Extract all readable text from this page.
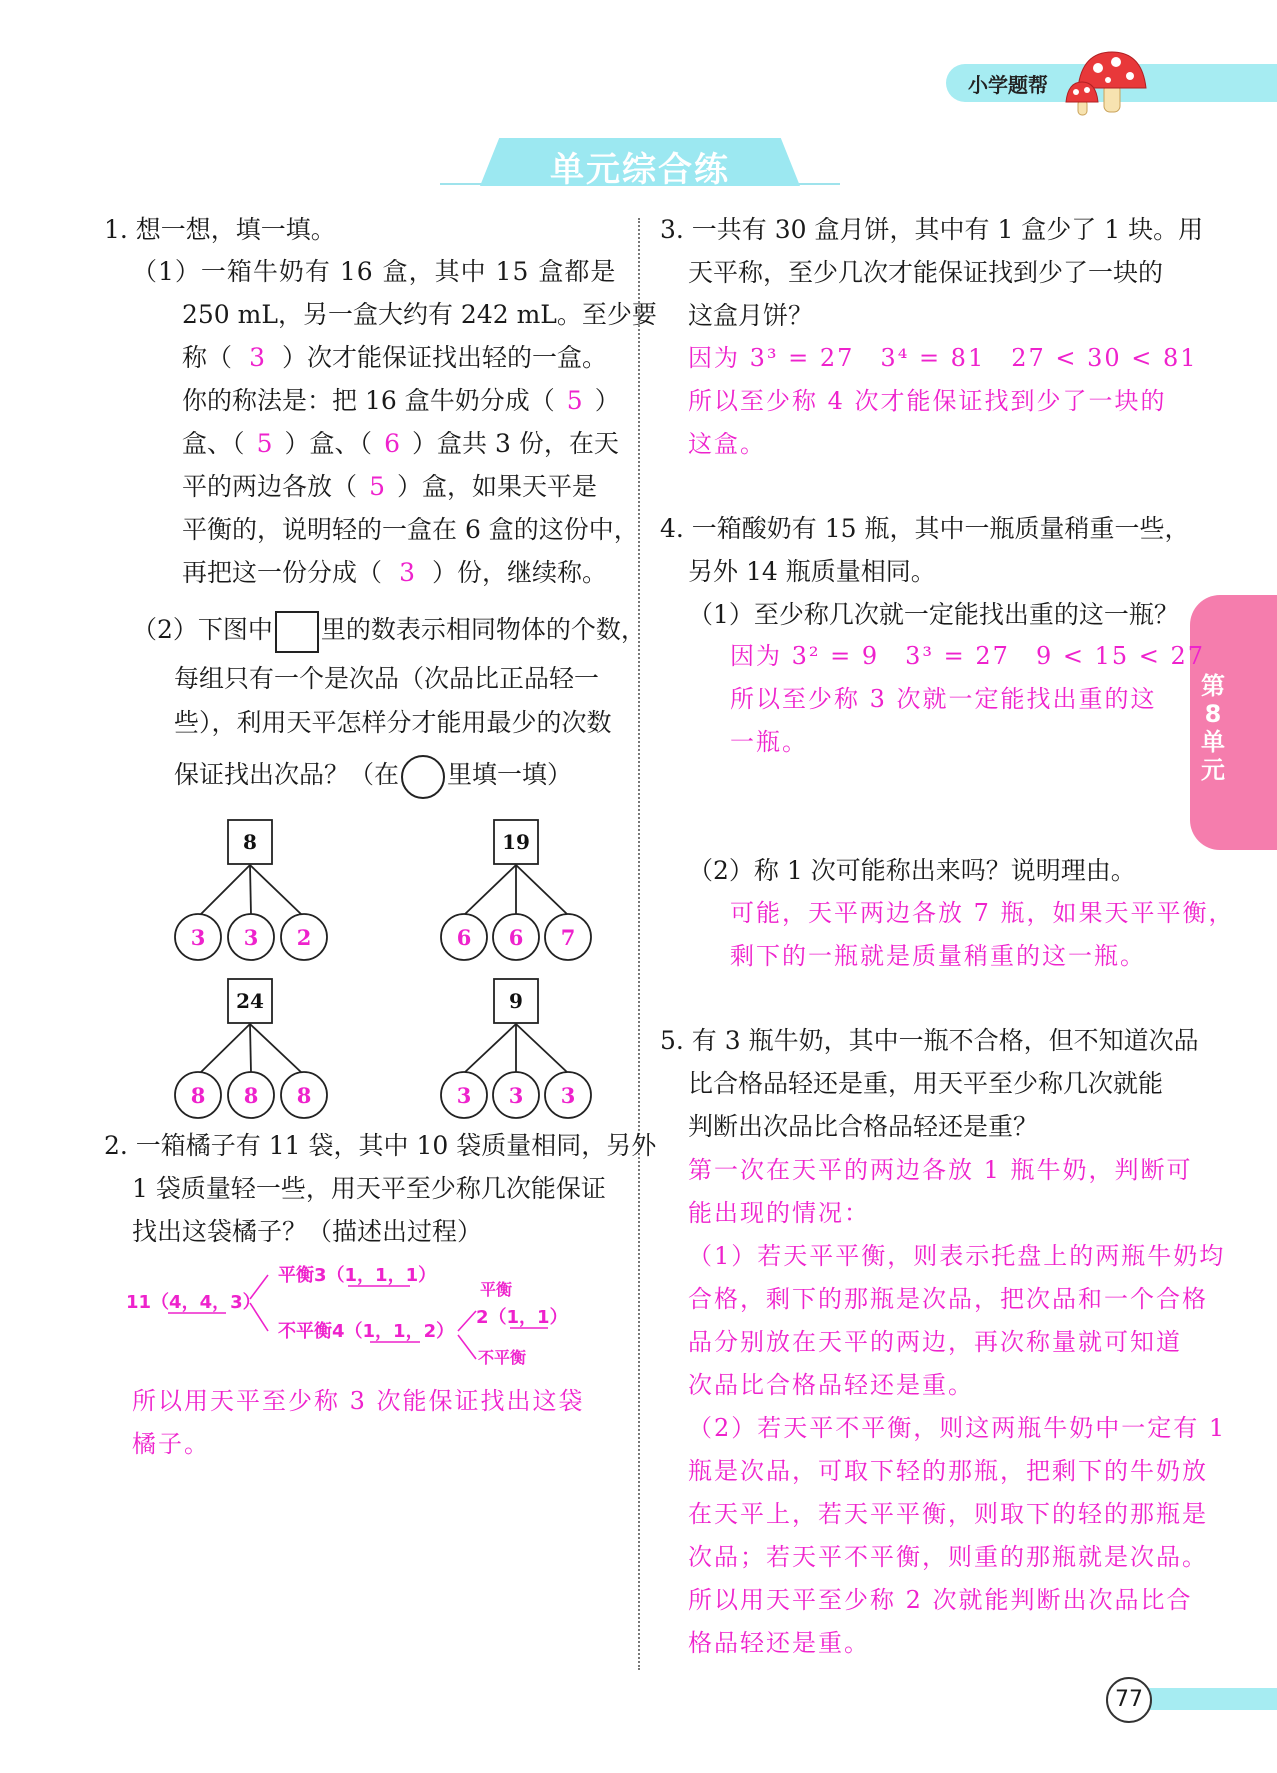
小学题帮
单元综合练
第8单元
1. 想一想，填一填。
（1）一箱牛奶有 16 盒，其中 15 盒都是
250 mL，另一盒大约有 242 mL。至少要
称（ 3 ）次才能保证找出轻的一盒。
你的称法是：把 16 盒牛奶分成（ 5 ）
盒、（ 5 ）盒、（ 6 ）盒共 3 份，在天
平的两边各放（ 5 ）盒，如果天平是
平衡的，说明轻的一盒在 6 盒的这份中，
再把这一份分成（ 3 ）份，继续称。
（2）下图中 里的数表示相同物体的个数，
每组只有一个是次品（次品比正品轻一
些），利用天平怎样分才能用最少的次数
保证找出次品？（在 里填一填）
8	19
24	9
3 3 2	6 6 7
8 8 8	3 3 3
2. 一箱橘子有 11 袋，其中 10 袋质量相同，另外
1 袋质量轻一些，用天平至少称几次能保证
找出这袋橘子？（描述出过程）
11（4，4，3）
平衡3（1，1，1）
不平衡4（1，1，2）
平衡
2（1，1）
不平衡
所以用天平至少称 3 次能保证找出这袋
橘子。
3. 一共有 30 盒月饼，其中有 1 盒少了 1 块。用
天平称，至少几次才能保证找到少了一块的
这盒月饼？
因为 3³ = 27　3⁴ = 81　27 < 30 < 81
所以至少称 4 次才能保证找到少了一块的
这盒。
4. 一箱酸奶有 15 瓶，其中一瓶质量稍重一些，
另外 14 瓶质量相同。
（1）至少称几次就一定能找出重的这一瓶？
因为 3² = 9　3³ = 27　9 < 15 < 27
所以至少称 3 次就一定能找出重的这
一瓶。
（2）称 1 次可能称出来吗？说明理由。
可能，天平两边各放 7 瓶，如果天平平衡，
剩下的一瓶就是质量稍重的这一瓶。
5. 有 3 瓶牛奶，其中一瓶不合格，但不知道次品
比合格品轻还是重，用天平至少称几次就能
判断出次品比合格品轻还是重？
第一次在天平的两边各放 1 瓶牛奶，判断可
能出现的情况：
（1）若天平平衡，则表示托盘上的两瓶牛奶均
合格，剩下的那瓶是次品，把次品和一个合格
品分别放在天平的两边，再次称量就可知道
次品比合格品轻还是重。
（2）若天平不平衡，则这两瓶牛奶中一定有 1
瓶是次品，可取下轻的那瓶，把剩下的牛奶放
在天平上，若天平平衡，则取下的轻的那瓶是
次品；若天平不平衡，则重的那瓶就是次品。
所以用天平至少称 2 次就能判断出次品比合
格品轻还是重。
77
